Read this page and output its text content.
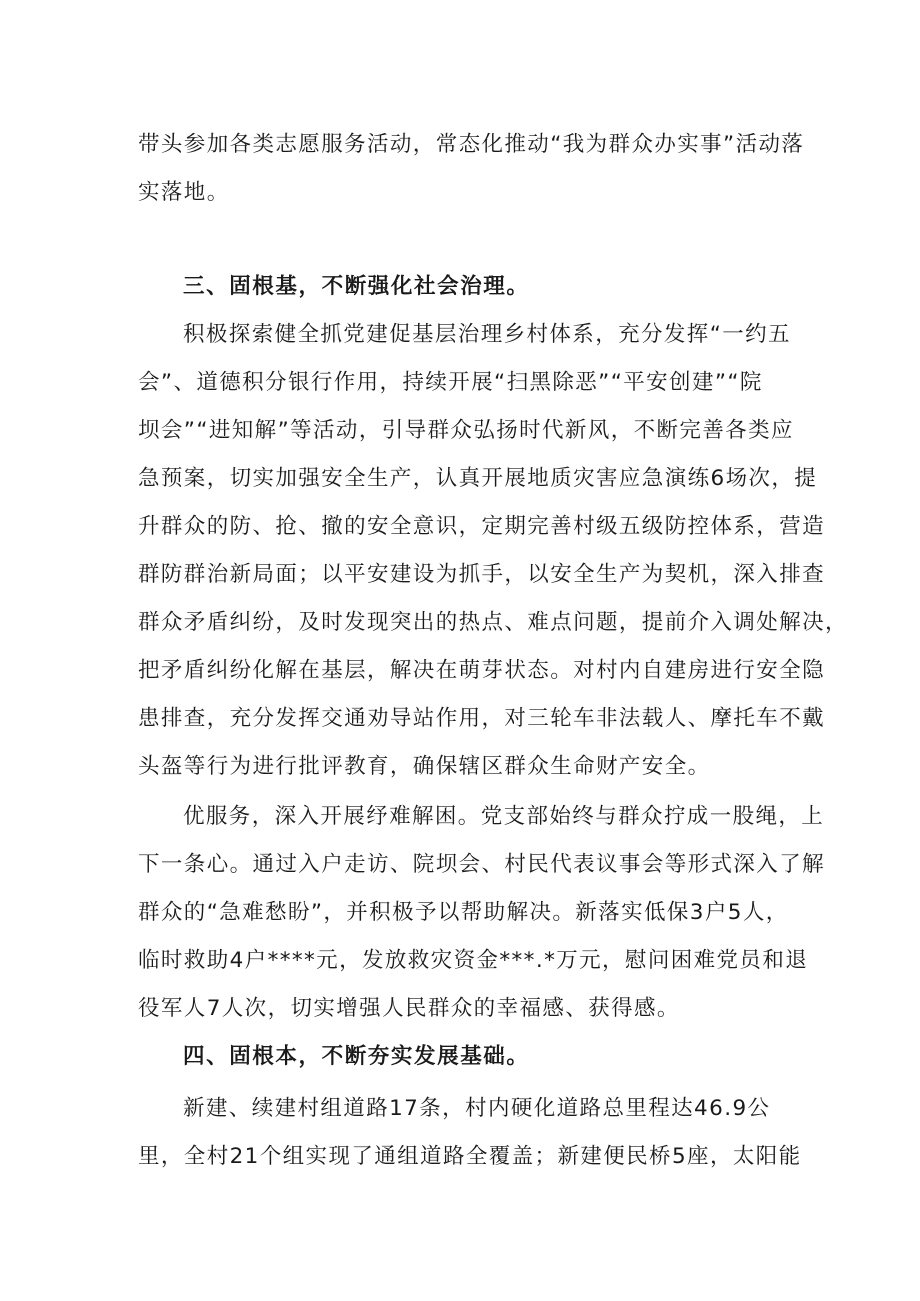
带头参加各类志愿服务活动，常态化推动“我为群众办实事”活动落
实落地。
三、固根基，不断强化社会治理。
积极探索健全抓党建促基层治理乡村体系，充分发挥“一约五
会”、道德积分银行作用，持续开展“扫黑除恶”“平安创建”“院
坝会”“进知解”等活动，引导群众弘扬时代新风，不断完善各类应
急预案，切实加强安全生产，认真开展地质灾害应急演练6场次，提
升群众的防、抢、撤的安全意识，定期完善村级五级防控体系，营造
群防群治新局面；以平安建设为抓手，以安全生产为契机，深入排查
群众矛盾纠纷，及时发现突出的热点、难点问题，提前介入调处解决，
把矛盾纠纷化解在基层，解决在萌芽状态。对村内自建房进行安全隐
患排查，充分发挥交通劝导站作用，对三轮车非法载人、摩托车不戴
头盔等行为进行批评教育，确保辖区群众生命财产安全。
优服务，深入开展纾难解困。党支部始终与群众拧成一股绳，上
下一条心。通过入户走访、院坝会、村民代表议事会等形式深入了解
群众的“急难愁盼”，并积极予以帮助解决。新落实低保3户5人，
临时救助4户****元，发放救灾资金***.*万元，慰问困难党员和退
役军人7人次，切实增强人民群众的幸福感、获得感。
四、固根本，不断夯实发展基础。
新建、续建村组道路17条，村内硬化道路总里程达46.9公
里，全村21个组实现了通组道路全覆盖；新建便民桥5座，太阳能
